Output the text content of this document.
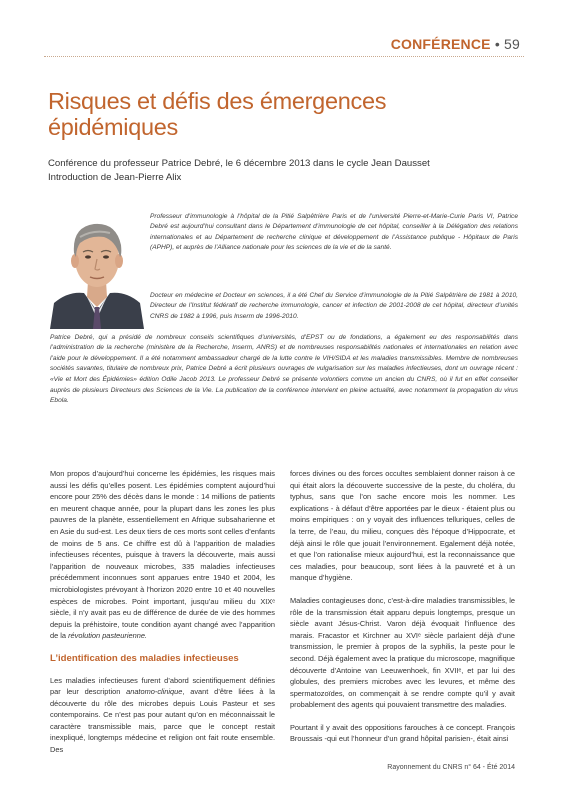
CONFÉRENCE • 59
Risques et défis des émergences épidémiques
Conférence du professeur Patrice Debré, le 6 décembre 2013 dans le cycle Jean Dausset
Introduction de Jean-Pierre Alix

Professeur d’immunologie à l’hôpital de la Pitié Salpêtrière Paris et de l’université Pierre-et-Marie-Curie Paris VI, Patrice Debré est aujourd’hui consultant dans le Département d’immunologie de cet hôpital, conseiller à la Délégation des relations internationales et au Département de recherche clinique et développement de l’Assistance publique - Hôpitaux de Paris (APHP), et auprès de l’Alliance nationale pour les sciences de la vie et de la santé.

Docteur en médecine et Docteur en sciences, il a été Chef du Service d’immunologie de la Pitié Salpêtrière de 1981 à 2010, Directeur de l’Institut fédératif de recherche immunologie, cancer et infection de 2001-2008 de cet hôpital, directeur d’unités CNRS de 1982 à 1996, puis Inserm de 1996-2010.

Patrice Debré, qui a présidé de nombreux conseils scientifiques d’universités, d’EPST ou de fondations, a également eu des responsabilités dans l’administration de la recherche (ministère de la Recherche, Inserm, ANRS) et de nombreuses responsabilités nationales et internationales en relation avec l’aide pour le développement. Il a été notamment ambassadeur chargé de la lutte contre le VIH/SIDA et les maladies transmissibles. Membre de nombreuses sociétés savantes, titulaire de nombreux prix, Patrice Debré a écrit plusieurs ouvrages de vulgarisation sur les maladies infectieuses, dont un ouvrage récent : «Vie et Mort des Épidémies» édition Odile Jacob 2013. Le professeur Debré se présente volontiers comme un ancien du CNRS, où il fut en effet conseiller auprès de plusieurs Directeurs des Sciences de la Vie. La publication de la conférence intervient en pleine actualité, avec notamment la propagation du virus Ebola.

Mon propos d’aujourd’hui concerne les épidémies, les risques mais aussi les défis qu’elles posent. Les épidémies comptent aujourd’hui encore pour 25% des décès dans le monde : 14 millions de patients en meurent chaque année, pour la plupart dans les zones les plus pauvres de la planète, essentiellement en Afrique subsaharienne et en Asie du sud-est. Les deux tiers de ces morts sont celles d’enfants de moins de 5 ans. Ce chiffre est dû à l’apparition de maladies infectieuses récentes, puisque à travers la découverte, mais aussi l’apparition de nouveaux microbes, 335 maladies infectieuses précédemment inconnues sont apparues entre 1940 et 2004, les microbiologistes prévoyant à l’horizon 2020 entre 10 et 40 nouvelles espèces de microbes. Point important, jusqu’au milieu du XIXᵉ siècle, il n’y avait pas eu de différence de durée de vie des hommes depuis la préhistoire, toute condition ayant changé avec l’apparition de la révolution pasteurienne.

L’identification des maladies infectieuses

Les maladies infectieuses furent d’abord scientifiquement définies par leur description anatomo-clinique, avant d’être liées à la découverte du rôle des microbes depuis Louis Pasteur et ses contemporains. Ce n’est pas pour autant qu’on en méconnaissait le caractère transmissible mais, parce que le concept restait inexpliqué, longtemps médecine et religion ont fait route ensemble. Des

forces divines ou des forces occultes semblaient donner raison à ce qui était alors la découverte successive de la peste, du choléra, du typhus, sans que l’on sache encore mois les nommer. Les explications - à défaut d’être apportées par le dieux - étaient plus ou moins empiriques : on y voyait des influences telluriques, celles de la terre, de l’eau, du milieu, conçues dès l’époque d’Hippocrate, et déjà ainsi le rôle que jouait l’environnement. Egalement déjà notée, et que l’on rationalise mieux aujourd’hui, est la reconnaissance que ces maladies, pour beaucoup, sont liées à la pauvreté et à un manque d’hygiène.

Maladies contagieuses donc, c’est-à-dire maladies transmissibles, le rôle de la transmission était apparu depuis longtemps, presque un siècle avant Jésus-Christ. Varon déjà évoquait l’influence des marais. Fracastor et Kirchner au XVIᵉ siècle parlaient déjà d’une transmission, le premier à propos de la syphilis, la peste pour le second. Déjà également avec la pratique du microscope, magnifique découverte d’Antoine van Leeuwenhoek, fin XVIIᵉ, et par lui des globules, des premiers microbes avec les levures, et même des spermatozoïdes, on commençait à se rendre compte qu’il y avait probablement des agents qui pouvaient transmettre des maladies.

Pourtant il y avait des oppositions farouches à ce concept. François Broussais -qui eut l’honneur d’un grand hôpital parisien-, était ainsi

Rayonnement du CNRS n° 64 - Été 2014
